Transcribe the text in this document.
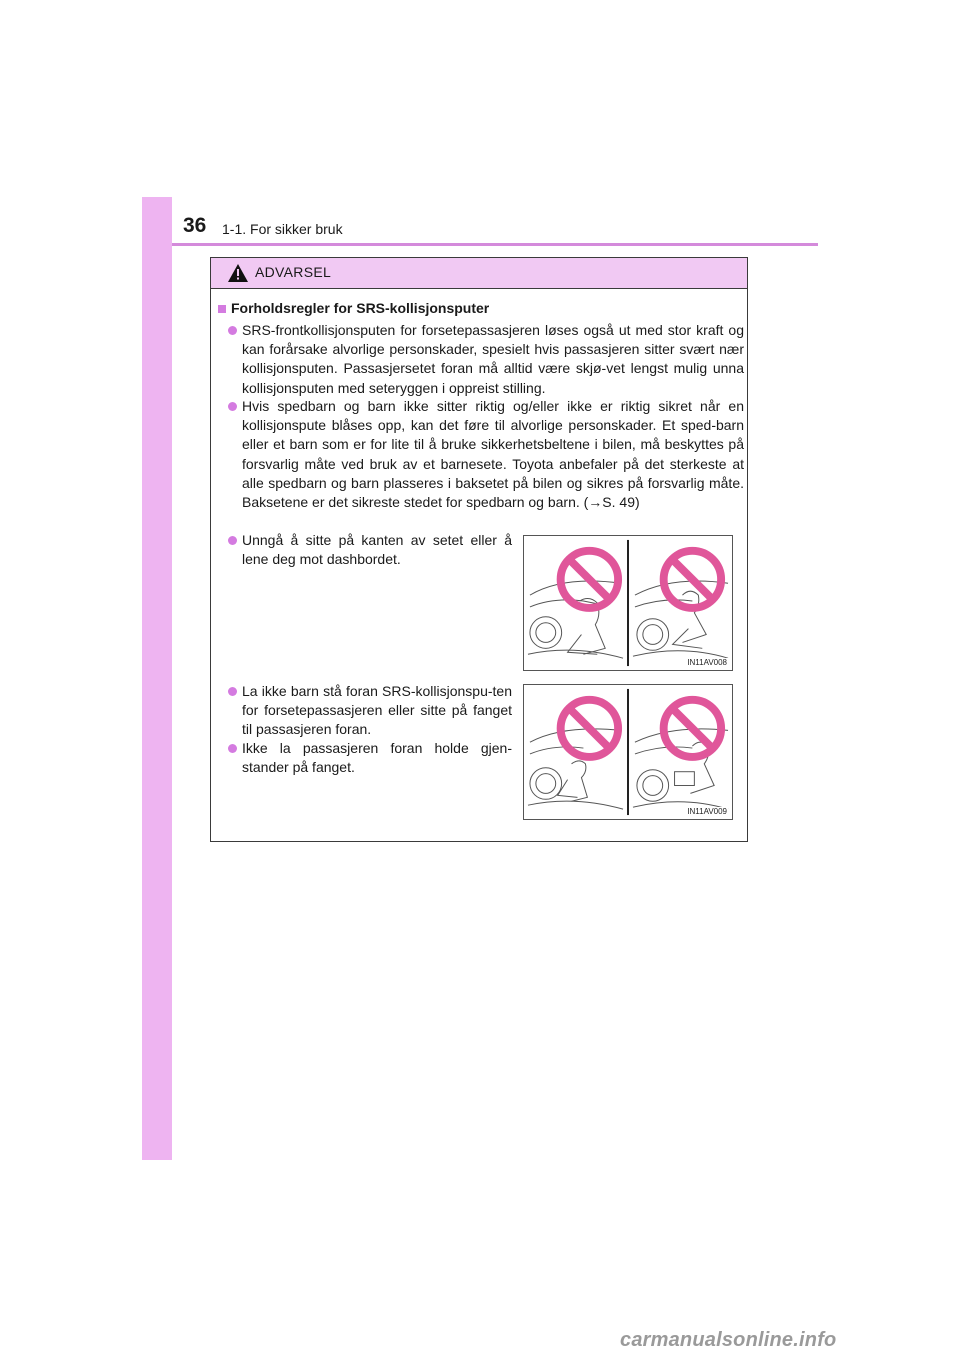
36 1-1. For sikker bruk
ADVARSEL
Forholdsregler for SRS-kollisjonsputer
SRS-frontkollisjonsputen for forsetepassasjeren løses også ut med stor kraft og kan forårsake alvorlige personskader, spesielt hvis passasjeren sitter svært nær kollisjonsputen. Passasjersetet foran må alltid være skjø-vet lengst mulig unna kollisjonsputen med seteryggen i oppreist stilling.
Hvis spedbarn og barn ikke sitter riktig og/eller ikke er riktig sikret når en kollisjonspute blåses opp, kan det føre til alvorlige personskader. Et sped-barn eller et barn som er for lite til å bruke sikkerhetsbeltene i bilen, må beskyttes på forsvarlig måte ved bruk av et barnesete. Toyota anbefaler på det sterkeste at alle spedbarn og barn plasseres i baksetet på bilen og sikres på forsvarlig måte. Baksetene er det sikreste stedet for spedbarn og barn. (→S. 49)
Unngå å sitte på kanten av setet eller å lene deg mot dashbordet.
La ikke barn stå foran SRS-kollisjonspu-ten for forsetepassasjeren eller sitte på fanget til passasjeren foran.
Ikke la passasjeren foran holde gjen-stander på fanget.
IN11AV008
IN11AV009
carmanualsonline.info
